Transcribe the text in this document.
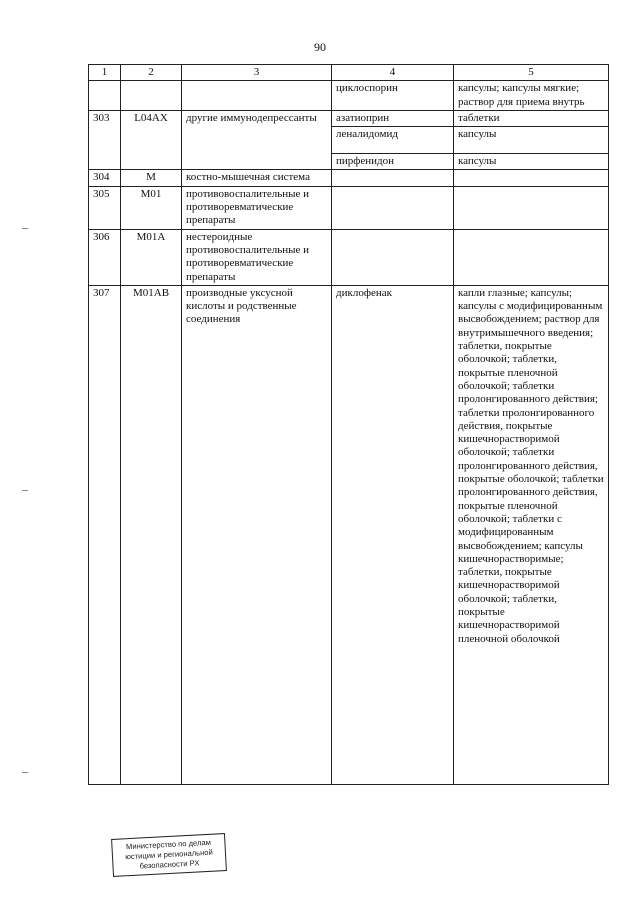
90
1	2	3	4	5
			циклоспорин	капсулы; капсулы мягкие; раствор для приема внутрь
303	L04AX	другие иммунодепрессанты	азатиоприн	таблетки
			леналидомид	капсулы
			пирфенидон	капсулы
304	M	костно-мышечная система		
305	M01	противовоспалительные и противоревматические препараты		
306	M01A	нестероидные противовоспалительные и противоревматические препараты		
307	M01AB	производные уксусной кислоты и родственные соединения	диклофенак	капли глазные; капсулы; капсулы с модифицированным высвобождением; раствор для внутримышечного введения; таблетки, покрытые оболочкой; таблетки, покрытые пленочной оболочкой; таблетки пролонгированного действия; таблетки пролонгированного действия, покрытые кишечнорастворимой оболочкой; таблетки пролонгированного действия, покрытые оболочкой; таблетки пролонгированного действия, покрытые пленочной оболочкой; таблетки с модифицированным высвобождением; капсулы кишечнорастворимые; таблетки, покрытые кишечнорастворимой оболочкой; таблетки, покрытые кишечнорастворимой пленочной оболочкой
Министерство по делам
юстиции и региональной
безопасности РХ
